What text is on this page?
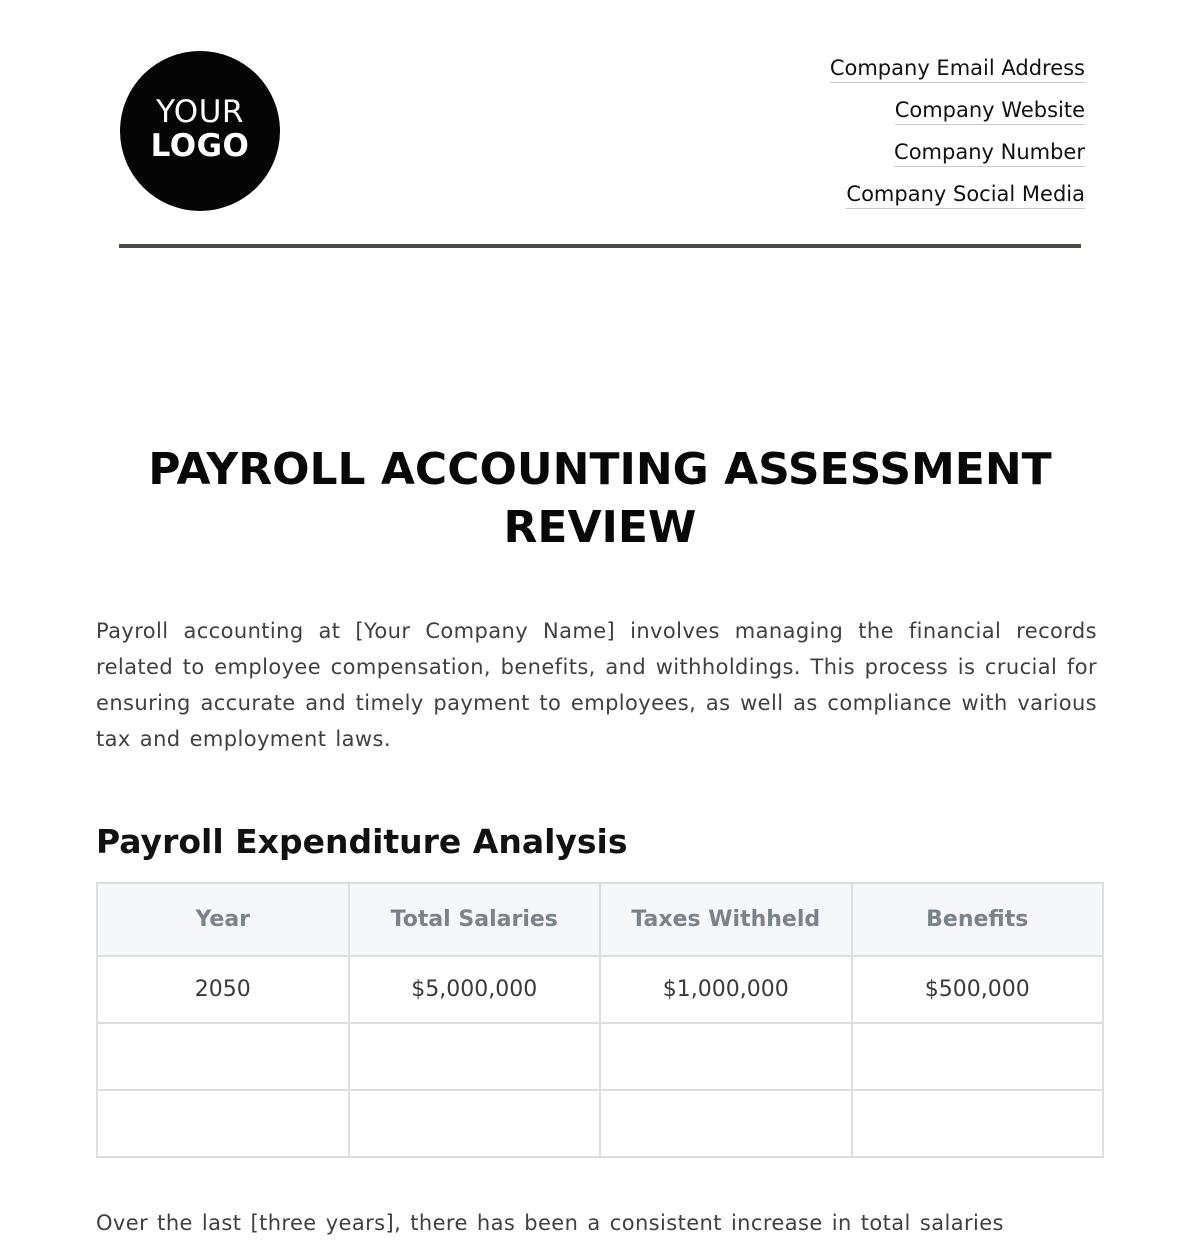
YOUR
LOGO
Company Email Address
Company Website
Company Number
Company Social Media
PAYROLL ACCOUNTING ASSESSMENT REVIEW

Payroll accounting at [Your Company Name] involves managing the financial records related to employee compensation, benefits, and withholdings. This process is crucial for ensuring accurate and timely payment to employees, as well as compliance with various tax and employment laws.

Payroll Expenditure Analysis
Year	Total Salaries	Taxes Withheld	Benefits
2050	$5,000,000	$1,000,000	$500,000

Over the last [three years], there has been a consistent increase in total salaries
